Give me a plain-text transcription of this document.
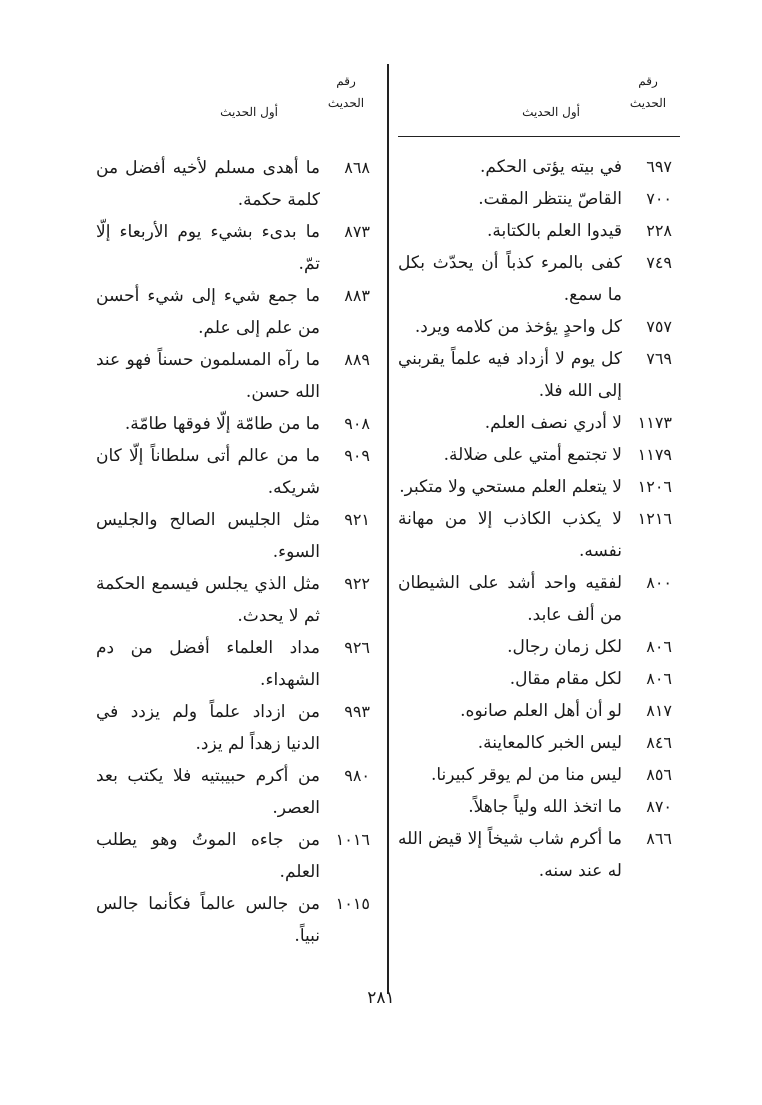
رقم
الحديث
أول الحديث
٦٩٧
في بيته يؤتى الحكم.
٧٠٠
القاصّ ينتظر المقت.
٢٢٨
قيدوا العلم بالكتابة.
٧٤٩
كفى بالمرء كذباً أن يحدّث بكل ما سمع.
٧٥٧
كل واحدٍ يؤخذ من كلامه ويرد.
٧٦٩
كل يوم لا أزداد فيه علماً يقربني إلى الله فلا.
١١٧٣
لا أدري نصف العلم.
١١٧٩
لا تجتمع أمتي على ضلالة.
١٢٠٦
لا يتعلم العلم مستحي ولا متكبر.
١٢١٦
لا يكذب الكاذب إلا من مهانة نفسه.
٨٠٠
لفقيه واحد أشد على الشيطان من ألف عابد.
٨٠٦
لكل زمان رجال.
٨٠٦
لكل مقام مقال.
٨١٧
لو أن أهل العلم صانوه.
٨٤٦
ليس الخبر كالمعاينة.
٨٥٦
ليس منا من لم يوقر كبيرنا.
٨٧٠
ما اتخذ الله ولياً جاهلاً.
٨٦٦
ما أكرم شاب شيخاً إلا قيض الله له عند سنه.
رقم
الحديث
أول الحديث
٨٦٨
ما أهدى مسلم لأخيه أفضل من كلمة حكمة.
٨٧٣
ما بدىء بشيء يوم الأربعاء إلّا تمّ.
٨٨٣
ما جمع شيء إلى شيء أحسن من علم إلى علم.
٨٨٩
ما رآه المسلمون حسناً فهو عند الله حسن.
٩٠٨
ما من طامّة إلّا فوقها طامّة.
٩٠٩
ما من عالم أتى سلطاناً إلّا كان شريكه.
٩٢١
مثل الجليس الصالح والجليس السوء.
٩٢٢
مثل الذي يجلس فيسمع الحكمة ثم لا يحدث.
٩٢٦
مداد العلماء أفضل من دم الشهداء.
٩٩٣
من ازداد علماً ولم يزدد في الدنيا زهداً لم يزد.
٩٨٠
من أكرم حبيبتيه فلا يكتب بعد العصر.
١٠١٦
من جاءه الموتُ وهو يطلب العلم.
١٠١٥
من جالس عالماً فكأنما جالس نبياً.
٢٨١
